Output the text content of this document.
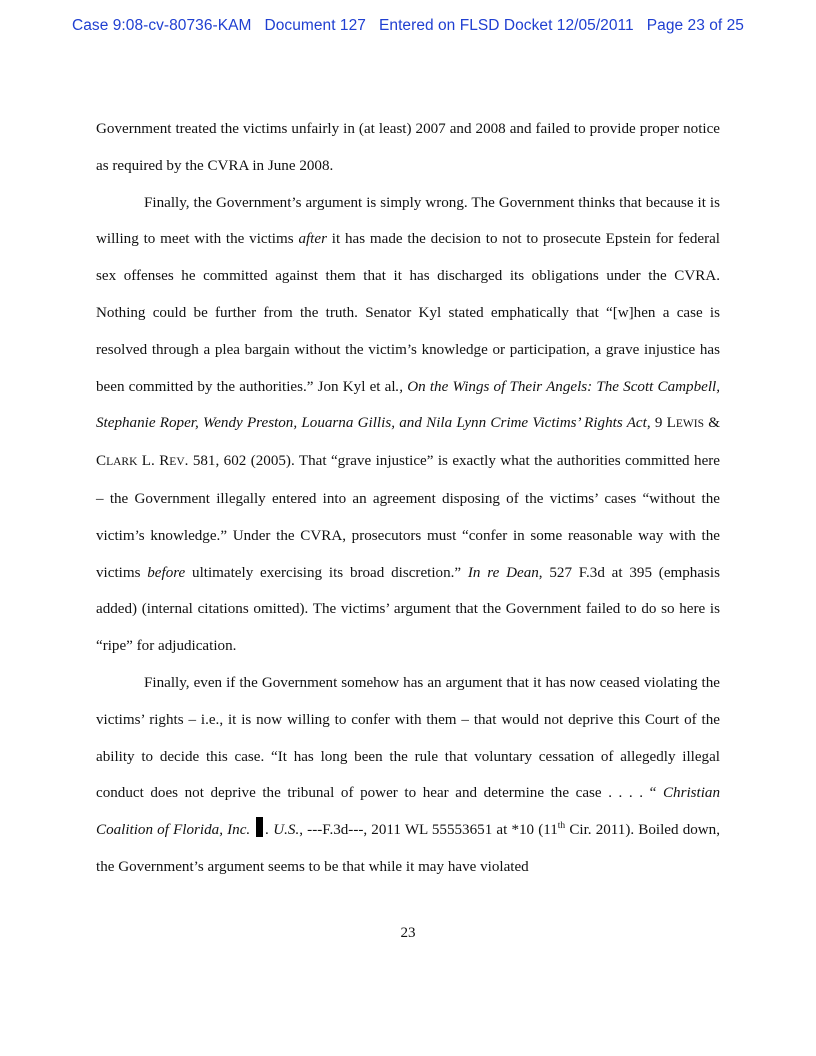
Case 9:08-cv-80736-KAM Document 127 Entered on FLSD Docket 12/05/2011 Page 23 of 25

Government treated the victims unfairly in (at least) 2007 and 2008 and failed to provide proper notice as required by the CVRA in June 2008.

Finally, the Government’s argument is simply wrong. The Government thinks that because it is willing to meet with the victims after it has made the decision to not to prosecute Epstein for federal sex offenses he committed against them that it has discharged its obligations under the CVRA. Nothing could be further from the truth. Senator Kyl stated emphatically that “[w]hen a case is resolved through a plea bargain without the victim’s knowledge or participation, a grave injustice has been committed by the authorities.” Jon Kyl et al., On the Wings of Their Angels: The Scott Campbell, Stephanie Roper, Wendy Preston, Louarna Gillis, and Nila Lynn Crime Victims’ Rights Act, 9 LEWIS & CLARK L. REV. 581, 602 (2005). That “grave injustice” is exactly what the authorities committed here – the Government illegally entered into an agreement disposing of the victims’ cases “without the victim’s knowledge.” Under the CVRA, prosecutors must “confer in some reasonable way with the victims before ultimately exercising its broad discretion.” In re Dean, 527 F.3d at 395 (emphasis added) (internal citations omitted). The victims’ argument that the Government failed to do so here is “ripe” for adjudication.

Finally, even if the Government somehow has an argument that it has now ceased violating the victims’ rights – i.e., it is now willing to confer with them – that would not deprive this Court of the ability to decide this case. “It has long been the rule that voluntary cessation of allegedly illegal conduct does not deprive the tribunal of power to hear and determine the case . . . . “ Christian Coalition of Florida, Inc. . U.S., ---F.3d---, 2011 WL 55553651 at *10 (11th Cir. 2011). Boiled down, the Government’s argument seems to be that while it may have violated

23
